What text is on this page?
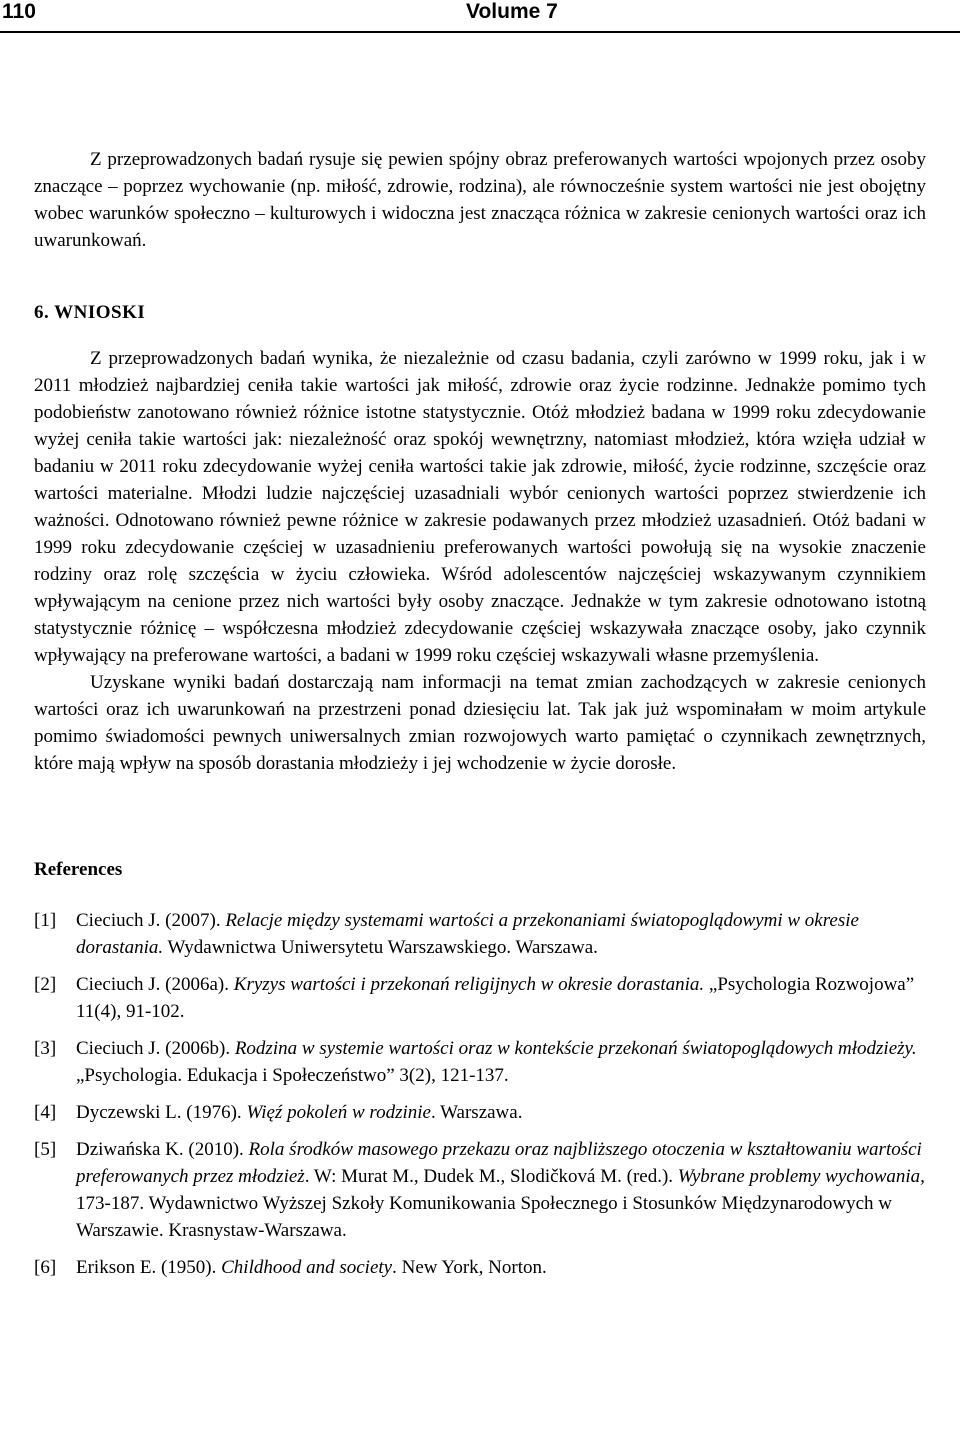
110	Volume 7

Z przeprowadzonych badań rysuje się pewien spójny obraz preferowanych wartości wpojonych przez osoby znaczące – poprzez wychowanie (np. miłość, zdrowie, rodzina), ale równocześnie system wartości nie jest obojętny wobec warunków społeczno – kulturowych i widoczna jest znacząca różnica w zakresie cenionych wartości oraz ich uwarunkowań.

6. WNIOSKI

Z przeprowadzonych badań wynika, że niezależnie od czasu badania, czyli zarówno w 1999 roku, jak i w 2011 młodzież najbardziej ceniła takie wartości jak miłość, zdrowie oraz życie rodzinne. Jednakże pomimo tych podobieństw zanotowano również różnice istotne statystycznie. Otóż młodzież badana w 1999 roku zdecydowanie wyżej ceniła takie wartości jak: niezależność oraz spokój wewnętrzny, natomiast młodzież, która wzięła udział w badaniu w 2011 roku zdecydowanie wyżej ceniła wartości takie jak zdrowie, miłość, życie rodzinne, szczęście oraz wartości materialne. Młodzi ludzie najczęściej uzasadniali wybór cenionych wartości poprzez stwierdzenie ich ważności. Odnotowano również pewne różnice w zakresie podawanych przez młodzież uzasadnień. Otóż badani w 1999 roku zdecydowanie częściej w uzasadnieniu preferowanych wartości powołują się na wysokie znaczenie rodziny oraz rolę szczęścia w życiu człowieka. Wśród adolescentów najczęściej wskazywanym czynnikiem wpływającym na cenione przez nich wartości były osoby znaczące. Jednakże w tym zakresie odnotowano istotną statystycznie różnicę – współczesna młodzież zdecydowanie częściej wskazywała znaczące osoby, jako czynnik wpływający na preferowane wartości, a badani w 1999 roku częściej wskazywali własne przemyślenia.

Uzyskane wyniki badań dostarczają nam informacji na temat zmian zachodzących w zakresie cenionych wartości oraz ich uwarunkowań na przestrzeni ponad dziesięciu lat. Tak jak już wspominałam w moim artykule pomimo świadomości pewnych uniwersalnych zmian rozwojowych warto pamiętać o czynnikach zewnętrznych, które mają wpływ na sposób dorastania młodzieży i jej wchodzenie w życie dorosłe.

References
[1] Cieciuch J. (2007). Relacje między systemami wartości a przekonaniami światopoglądowymi w okresie dorastania. Wydawnictwa Uniwersytetu Warszawskiego. Warszawa.
[2] Cieciuch J. (2006a). Kryzys wartości i przekonań religijnych w okresie dorastania. „Psychologia Rozwojowa” 11(4), 91-102.
[3] Cieciuch J. (2006b). Rodzina w systemie wartości oraz w kontekście przekonań światopoglądowych młodzieży. „Psychologia. Edukacja i Społeczeństwo” 3(2), 121-137.
[4] Dyczewski L. (1976). Więź pokoleń w rodzinie. Warszawa.
[5] Dziwańska K. (2010). Rola środków masowego przekazu oraz najbliższego otoczenia w kształtowaniu wartości preferowanych przez młodzież. W: Murat M., Dudek M., Slodičková M. (red.). Wybrane problemy wychowania, 173-187. Wydawnictwo Wyższej Szkoły Komunikowania Społecznego i Stosunków Międzynarodowych w Warszawie. Krasnystaw-Warszawa.
[6] Erikson E. (1950). Childhood and society. New York, Norton.
